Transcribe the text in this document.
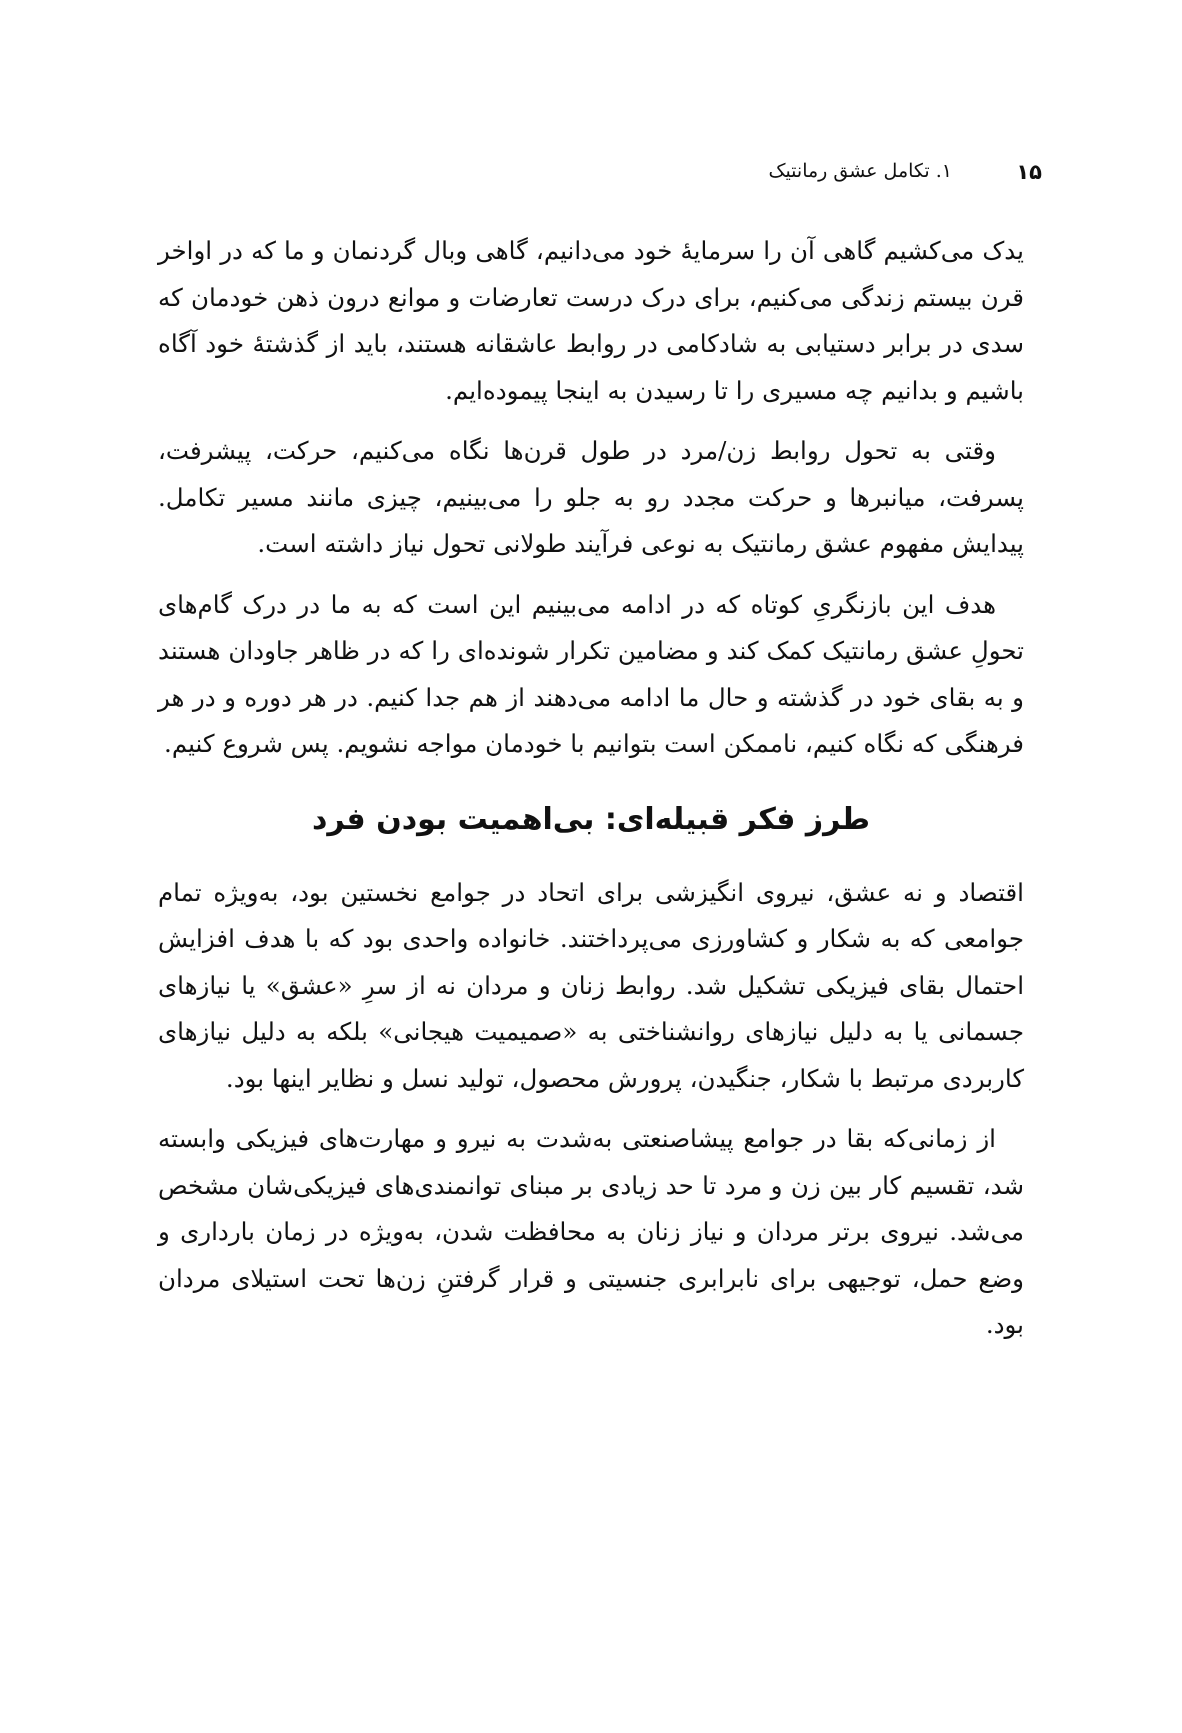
۱۵
۱. تکامل عشق رمانتیک

یدک می‌کشیم گاهی آن را سرمایهٔ خود می‌دانیم، گاهی وبال گردنمان و ما که در اواخر قرن بیستم زندگی می‌کنیم، برای درک درست تعارضات و موانع درون ذهن خودمان که سدی در برابر دستیابی به شادکامی در روابط عاشقانه هستند، باید از گذشتهٔ خود آگاه باشیم و بدانیم چه مسیری را تا رسیدن به اینجا پیموده‌ایم.

وقتی به تحول روابط زن/مرد در طول قرن‌ها نگاه می‌کنیم، حرکت، پیشرفت، پسرفت، میانبرها و حرکت مجدد رو به جلو را می‌بینیم، چیزی مانند مسیر تکامل. پیدایش مفهوم عشق رمانتیک به نوعی فرآیند طولانی تحول نیاز داشته است.

هدف این بازنگریِ کوتاه که در ادامه می‌بینیم این است که به ما در درک گام‌های تحولِ عشق رمانتیک کمک کند و مضامین تکرار شونده‌ای را که در ظاهر جاودان هستند و به بقای خود در گذشته و حال ما ادامه می‌دهند از هم جدا کنیم. در هر دوره و در هر فرهنگی که نگاه کنیم، ناممکن است بتوانیم با خودمان مواجه نشویم. پس شروع کنیم.

طرز فکر قبیله‌ای: بی‌اهمیت بودن فرد

اقتصاد و نه عشق، نیروی انگیزشی برای اتحاد در جوامع نخستین بود، به‌ویژه تمام جوامعی که به شکار و کشاورزی می‌پرداختند. خانواده واحدی بود که با هدف افزایش احتمال بقای فیزیکی تشکیل شد. روابط زنان و مردان نه از سرِ «عشق» یا نیازهای جسمانی یا به دلیل نیازهای روانشناختی به «صمیمیت هیجانی» بلکه به دلیل نیازهای کاربردی مرتبط با شکار، جنگیدن، پرورش محصول، تولید نسل و نظایر اینها بود.

از زمانی‌که بقا در جوامع پیشاصنعتی به‌شدت به نیرو و مهارت‌های فیزیکی وابسته شد، تقسیم کار بین زن و مرد تا حد زیادی بر مبنای توانمندی‌های فیزیکی‌شان مشخص می‌شد. نیروی برتر مردان و نیاز زنان به محافظت شدن، به‌ویژه در زمان بارداری و وضع حمل، توجیهی برای نابرابری جنسیتی و قرار گرفتنِ زن‌ها تحت استیلای مردان بود.
